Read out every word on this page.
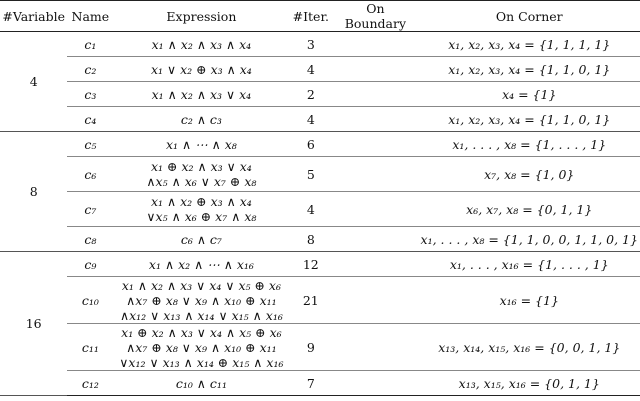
#Variable	Name	Expression	#Iter.	On Boundary	On Corner
4	c₁	x₁ ∧ x₂ ∧ x₃ ∧ x₄	3		x₁, x₂, x₃, x₄ = {1, 1, 1, 1}
	c₂	x₁ ∨ x₂ ⊕ x₃ ∧ x₄	4		x₁, x₂, x₃, x₄ = {1, 1, 0, 1}
	c₃	x₁ ∧ x₂ ∧ x₃ ∨ x₄	2		x₄ = {1}
	c₄	c₂ ∧ c₃	4		x₁, x₂, x₃, x₄ = {1, 1, 0, 1}
8	c₅	x₁ ∧ ⋯ ∧ x₈	6		x₁, . . . , x₈ = {1, . . . , 1}
	c₆	x₁ ⊕ x₂ ∧ x₃ ∨ x₄
∧x₅ ∧ x₆ ∨ x₇ ⊕ x₈	5		x₇, x₈ = {1, 0}
	c₇	x₁ ∧ x₂ ⊕ x₃ ∧ x₄
∨x₅ ∧ x₆ ⊕ x₇ ∧ x₈	4		x₆, x₇, x₈ = {0, 1, 1}
	c₈	c₆ ∧ c₇	8		x₁, . . . , x₈ = {1, 1, 0, 0, 1, 1, 0, 1}
16	c₉	x₁ ∧ x₂ ∧ ⋯ ∧ x₁₆	12		x₁, . . . , x₁₆ = {1, . . . , 1}
	c₁₀	x₁ ∧ x₂ ∧ x₃ ∨ x₄ ∨ x₅ ⊕ x₆
∧x₇ ⊕ x₈ ∨ x₉ ∧ x₁₀ ⊕ x₁₁
∧x₁₂ ∨ x₁₃ ∧ x₁₄ ∨ x₁₅ ∧ x₁₆	21		x₁₆ = {1}
	c₁₁	x₁ ⊕ x₂ ∧ x₃ ∨ x₄ ∧ x₅ ⊕ x₆
∧x₇ ⊕ x₈ ∨ x₉ ∧ x₁₀ ⊕ x₁₁
∨x₁₂ ∨ x₁₃ ∧ x₁₄ ⊕ x₁₅ ∧ x₁₆	9		x₁₃, x₁₄, x₁₅, x₁₆ = {0, 0, 1, 1}
	c₁₂	c₁₀ ∧ c₁₁	7		x₁₃, x₁₅, x₁₆ = {0, 1, 1}
